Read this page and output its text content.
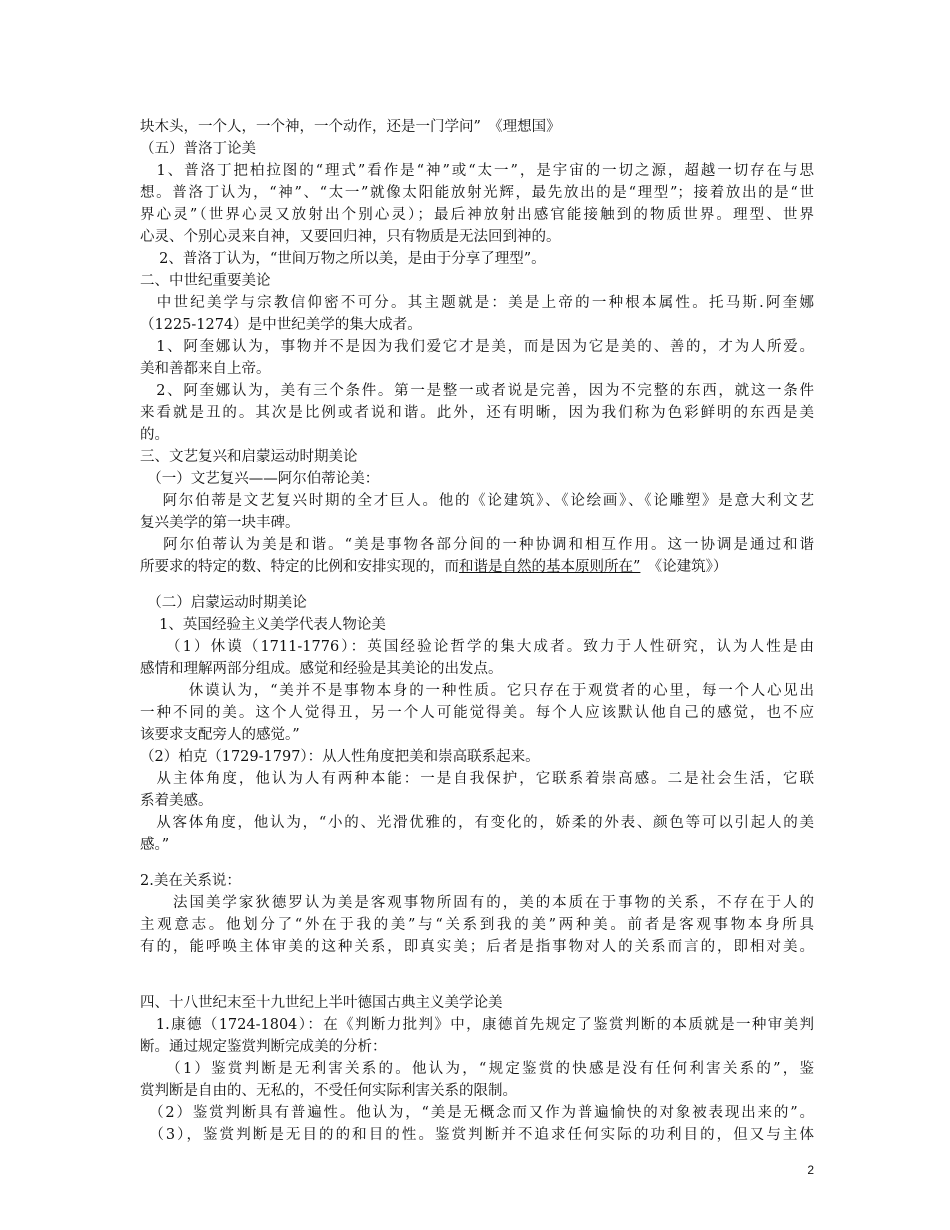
块木头，一个人，一个神，一个动作，还是一门学问”　《理想国》
（五）普洛丁论美
　1、普洛丁把柏拉图的“理式”看作是“神”或“太一”，是宇宙的一切之源，超越一切存在与思
想。普洛丁认为，“神”、“太一”就像太阳能放射光辉，最先放出的是“理型”；接着放出的是“世
界心灵”（世界心灵又放射出个别心灵）；最后神放射出感官能接触到的物质世界。理型、世界
心灵、个别心灵来自神，又要回归神，只有物质是无法回到神的。
　 2、普洛丁认为，“世间万物之所以美，是由于分享了理型”。
二、中世纪重要美论
　中世纪美学与宗教信仰密不可分。其主题就是：美是上帝的一种根本属性。托马斯.阿奎娜
（1225-1274）是中世纪美学的集大成者。
　1、阿奎娜认为，事物并不是因为我们爱它才是美，而是因为它是美的、善的，才为人所爱。
美和善都来自上帝。
　2、阿奎娜认为，美有三个条件。第一是整一或者说是完善，因为不完整的东西，就这一条件
来看就是丑的。其次是比例或者说和谐。此外，还有明晰，因为我们称为色彩鲜明的东西是美
的。
三、文艺复兴和启蒙运动时期美论
　（一）文艺复兴——阿尔伯蒂论美：
　 阿尔伯蒂是文艺复兴时期的全才巨人。他的《论建筑》、《论绘画》、《论雕塑》是意大利文艺
复兴美学的第一块丰碑。
　 阿尔伯蒂认为美是和谐。“美是事物各部分间的一种协调和相互作用。这一协调是通过和谐
所要求的特定的数、特定的比例和安排实现的，而和谐是自然的基本原则所在”　《论建筑》）
　（二）启蒙运动时期美论
　 1、英国经验主义美学代表人物论美
　　（1）休谟（1711-1776）：英国经验论哲学的集大成者。致力于人性研究，认为人性是由
感情和理解两部分组成。感觉和经验是其美论的出发点。
　　　休谟认为，“美并不是事物本身的一种性质。它只存在于观赏者的心里，每一个人心见出
一种不同的美。这个人觉得丑，另一个人可能觉得美。每个人应该默认他自己的感觉，也不应
该要求支配旁人的感觉。”
（2）柏克（1729-1797）：从人性角度把美和崇高联系起来。
　从主体角度，他认为人有两种本能：一是自我保护，它联系着崇高感。二是社会生活，它联
系着美感。
　从客体角度，他认为，“小的、光滑优雅的，有变化的，娇柔的外表、颜色等可以引起人的美
感。”
2.美在关系说：
　　法国美学家狄德罗认为美是客观事物所固有的，美的本质在于事物的关系，不存在于人的
主观意志。他划分了“外在于我的美”与“关系到我的美”两种美。前者是客观事物本身所具
有的，能呼唤主体审美的这种关系，即真实美；后者是指事物对人的关系而言的，即相对美。
四、十八世纪末至十九世纪上半叶德国古典主义美学论美
　1.康德（1724-1804）：在《判断力批判》中，康德首先规定了鉴赏判断的本质就是一种审美判
断。通过规定鉴赏判断完成美的分析：
　　（1）鉴赏判断是无利害关系的。他认为，“规定鉴赏的快感是没有任何利害关系的”，鉴
赏判断是自由的、无私的，不受任何实际利害关系的限制。
　（2）鉴赏判断具有普遍性。他认为，“美是无概念而又作为普遍愉快的对象被表现出来的”。
　（3），鉴赏判断是无目的的和目的性。鉴赏判断并不追求任何实际的功利目的，但又与主体
2
